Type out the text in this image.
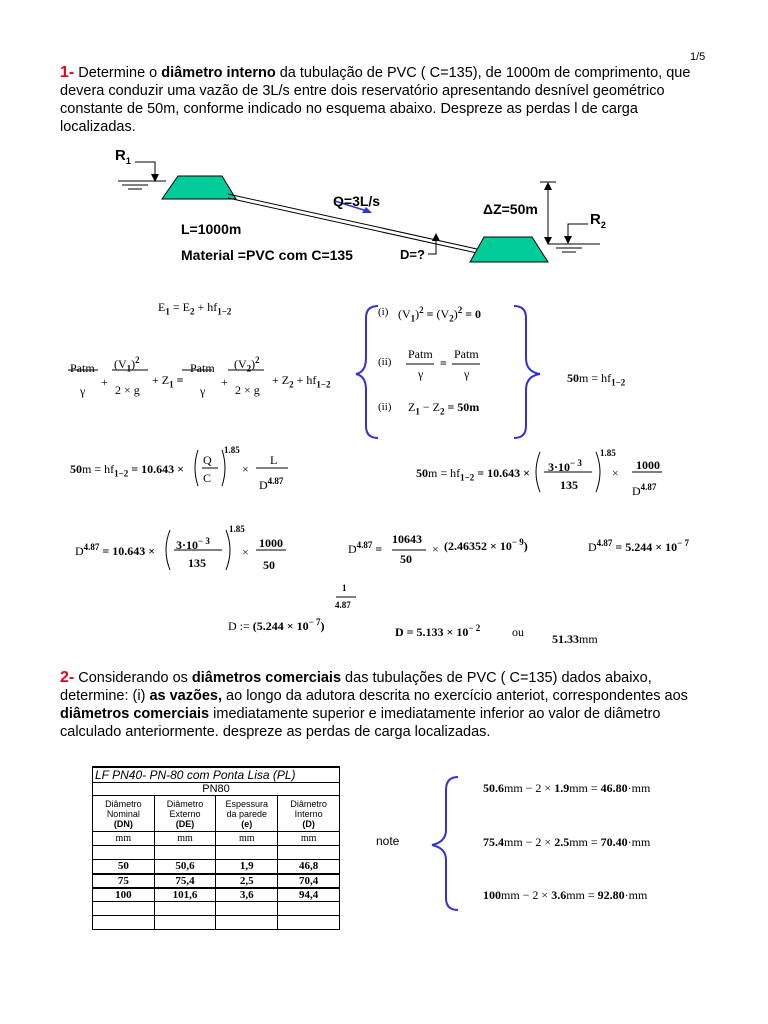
1/5
1- Determine o diâmetro interno da tubulação de PVC ( C=135), de 1000m de comprimento, que
devera conduzir uma vazão de 3L/s entre dois reservatório apresentando desnível geométrico
constante de 50m, conforme indicado no esquema abaixo. Despreze as perdas l de carga
localizadas.
$R_1$
$R_2$
Q=3L/s	ΔZ=50m
L=1000m
Material =PVC com C=135	D=?
$E_1 = E_2 + hf_{1-2}$
Patm
γ
+
$(V_1)^2$
2 × g
+ $Z_1$ =
Patm
γ
+
$(V_2)^2$
2 × g
+ $Z_2 + hf_{1-2}$
(i) $(V_1)^2 = (V_2)^2 = 0$
(ii)
Patm
γ
=
Patm
γ
(ii) $Z_1 - Z_2 = 50m$
$50m = hf_{1-2}$
$50m = hf_{1-2} = 10.643$ ×
Q
C
1.85
×
L
$D^{4.87}$
$50m = hf_{1-2} = 10.643 \times 3\cdot 10^{- 3}$
135
1.85
×
1000
$D^{4.87}$
$D^{4.87} = 10.643 \times 3\cdot 10^{- 3}$
135
1.85
×
1000
50
$D^{4.87}$ =
10643
50
× $(2.46352 \times 10^{- 9})$	$D^{4.87} = 5.244 \times 10^{- 7}$
D := $(5.244 \times 10^{- 7})$
1
4.87
$D = 5.133 \times 10^{- 2}$	ou 51.33mm
2- Considerando os diâmetros comerciais das tubulações de PVC ( C=135) dados abaixo,
determine: (i) as vazões, ao longo da adutora descrita no exercício anteriot, correspondentes aos
diâmetros comerciais imediatamente superior e imediatamente inferior ao valor de diâmetro
calculado anteriormente. despreze as perdas de carga localizadas.
LF PN40- PN-80 com Ponta Lisa (PL)			
PN80			
Diâmetro
Nominal
(DN)	Diâmetro
Externo
(DE)	Espessura
da parede
(e)	Diâmetro
Interno
(D)
mm	mm	mm	mm

50	50,6	1,9	46,8
75	75,4	2,5	70,4
100	101,6	3,6	94,4

note
50.6mm − 2 × 1.9mm = 46.80·mm
75.4mm − 2 × 2.5mm = 70.40·mm
100mm − 2 × 3.6mm = 92.80·mm
